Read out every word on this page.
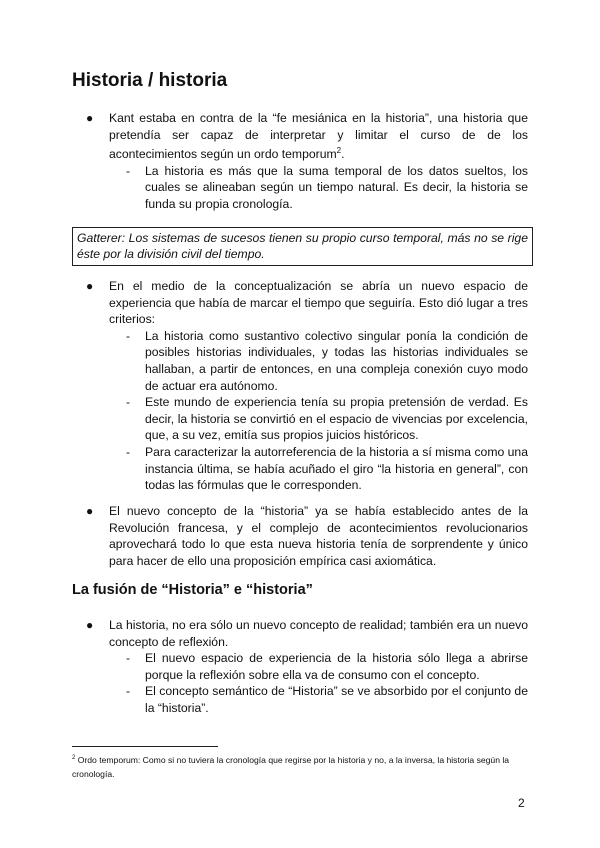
Historia / historia
● Kant estaba en contra de la “fe mesiánica en la historia”, una historia que pretendía ser capaz de interpretar y limitar el curso de de los acontecimientos según un ordo temporum$^2$.
- La historia es más que la suma temporal de los datos sueltos, los cuales se alineaban según un tiempo natural. Es decir, la historia se funda su propia cronología.
Gatterer: Los sistemas de sucesos tienen su propio curso temporal, más no se rige éste por la división civil del tiempo.
● En el medio de la conceptualización se abría un nuevo espacio de experiencia que había de marcar el tiempo que seguiría. Esto dió lugar a tres criterios:
- La historia como sustantivo colectivo singular ponía la condición de posibles historias individuales, y todas las historias individuales se hallaban, a partir de entonces, en una compleja conexión cuyo modo de actuar era autónomo.
- Este mundo de experiencia tenía su propia pretensión de verdad. Es decir, la historia se convirtió en el espacio de vivencias por excelencia, que, a su vez, emitía sus propios juicios históricos.
- Para caracterizar la autorreferencia de la historia a sí misma como una instancia última, se había acuñado el giro “la historia en general”, con todas las fórmulas que le corresponden.
● El nuevo concepto de la “historia” ya se había establecido antes de la Revolución francesa, y el complejo de acontecimientos revolucionarios aprovechará todo lo que esta nueva historia tenía de sorprendente y único para hacer de ello una proposición empírica casi axiomática.
La fusión de “Historia” e “historia”
● La historia, no era sólo un nuevo concepto de realidad; también era un nuevo concepto de reflexión.
- El nuevo espacio de experiencia de la historia sólo llega a abrirse porque la reflexión sobre ella va de consumo con el concepto.
- El concepto semántico de “Historia” se ve absorbido por el conjunto de la “historia”.
$^2$ Ordo temporum: Como si no tuviera la cronología que regirse por la historia y no, a la inversa, la historia según la cronología.
2
